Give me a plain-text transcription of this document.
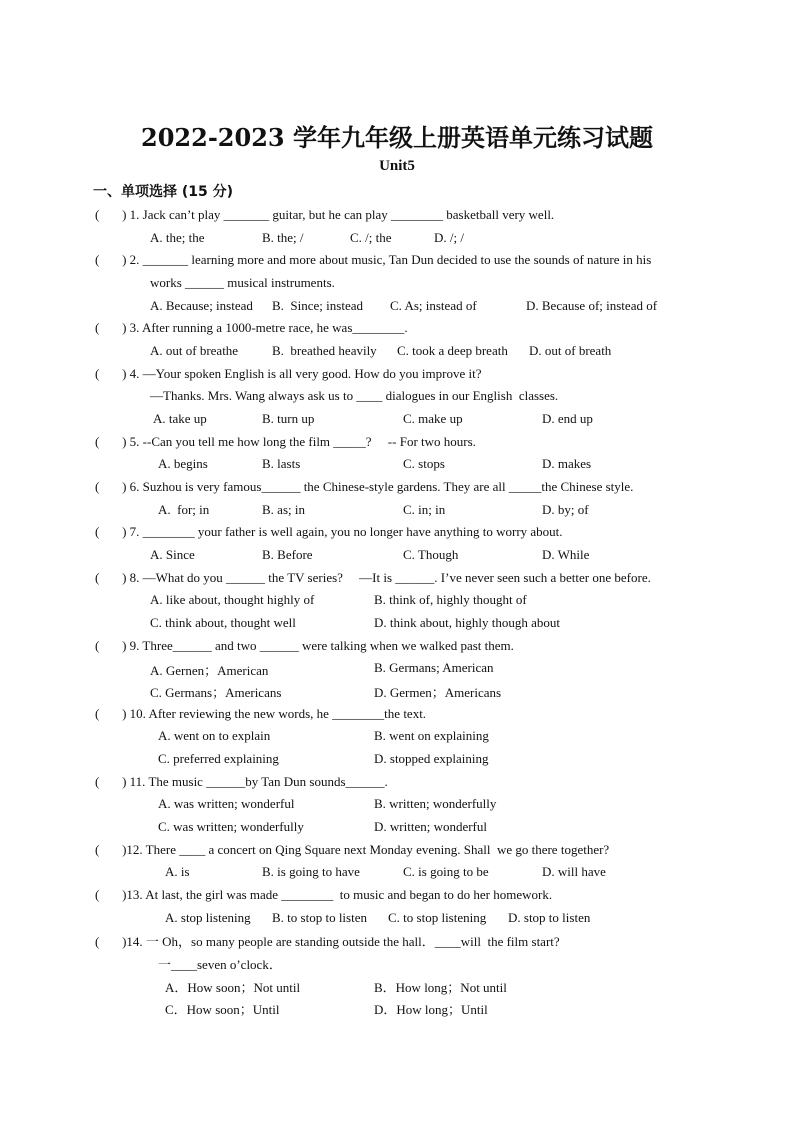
2022-2023 学年九年级上册英语单元练习试题
Unit5
一、单项选择 (15 分)
(       ) 1. Jack can’t play _______ guitar, but he can play ________ basketball very well.
A. the; the	B. the; /	C. /; the	D. /; /
(       ) 2. _______ learning more and more about music, Tan Dun decided to use the sounds of nature in his
works ______ musical instruments.
A. Because; instead B.  Since; instead C. As; instead of	D. Because of; instead of
(       ) 3. After running a 1000-metre race, he was________.
A. out of breathe	B.  breathed heavily C. took a deep breath D. out of breath
(       ) 4. —Your spoken English is all very good. How do you improve it?
—Thanks. Mrs. Wang always ask us to ____ dialogues in our English  classes.
A. take up	B. turn up	C. make up	D. end up
(       ) 5. --Can you tell me how long the film _____?     -- For two hours.
A. begins	B. lasts	C. stops	D. makes
(       ) 6. Suzhou is very famous______ the Chinese-style gardens. They are all _____the Chinese style.
A.  for; in	B. as; in	C. in; in	D. by; of
(       ) 7. ________ your father is well again, you no longer have anything to worry about.
A. Since	B. Before	C. Though	D. While
(       ) 8. —What do you ______ the TV series?     —It is ______. I’ve never seen such a better one before.
A. like about, thought highly of	B. think of, highly thought of
C. think about, thought well	D. think about, highly though about
(       ) 9. Three______ and two ______ were talking when we walked past them.
A. Gernen；American	B. Germans; American
C. Germans；Americans	D. Germen；Americans
(       ) 10. After reviewing the new words, he ________the text.
A. went on to explain	B. went on explaining
C. preferred explaining	D. stopped explaining
(       ) 11. The music ______by Tan Dun sounds______.
A. was written; wonderful	B. written; wonderfully
C. was written; wonderfully	D. written; wonderful
(       )12. There ____ a concert on Qing Square next Monday evening. Shall  we go there together?
A. is	B. is going to have	C. is going to be	D. will have
(       )13. At last, the girl was made ________  to music and began to do her homework.
A. stop listening B. to stop to listen C. to stop listening D. stop to listen
(       )14. 一 Oh，so many people are standing outside the hall．____will  the film start?
一____seven o’clock．
A．How soon；Not until	B．How long；Not until
C．How soon；Until	D．How long；Until
